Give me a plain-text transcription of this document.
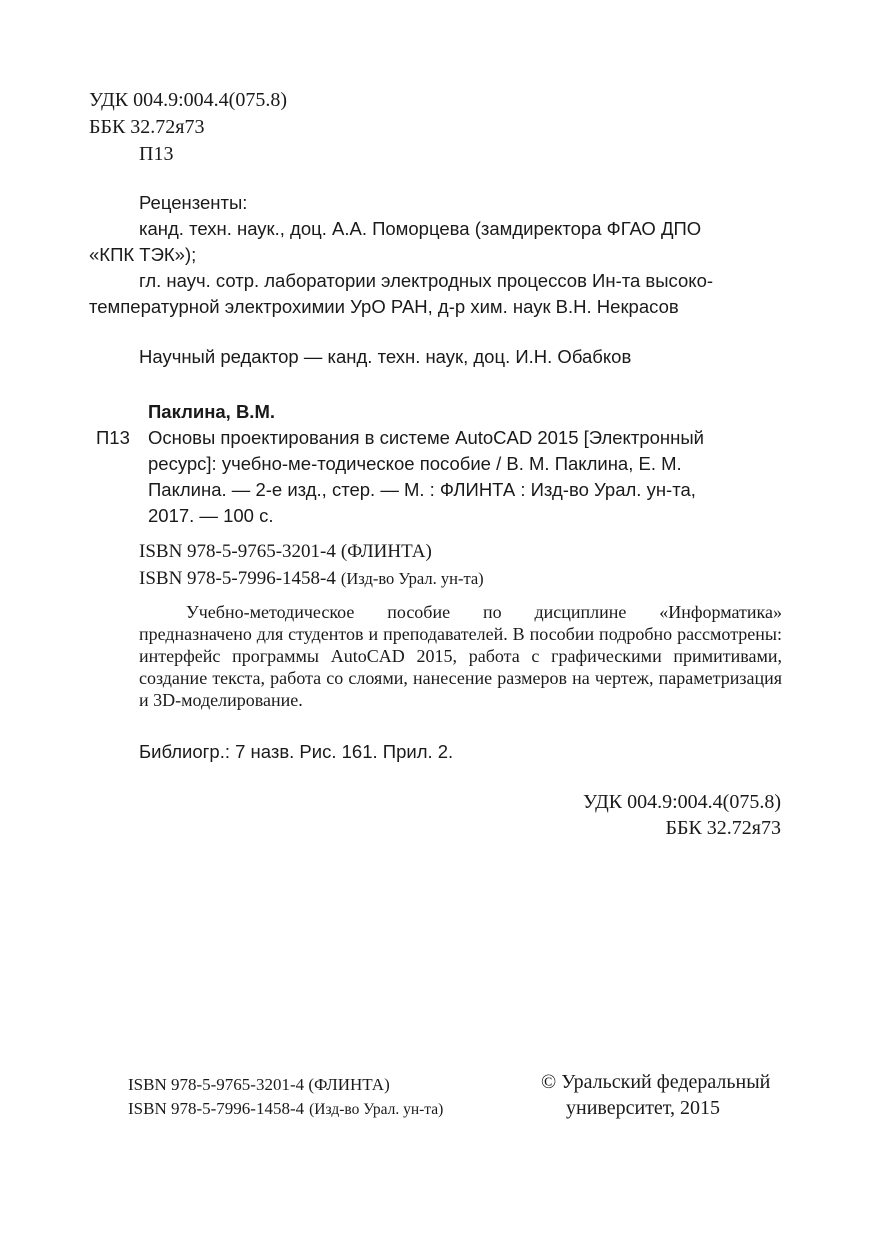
УДК 004.9:004.4(075.8)
ББК 32.72я73
П13
Рецензенты:
канд. техн. наук., доц. А.А. Поморцева (замдиректора ФГАО ДПО
«КПК ТЭК»);
гл. науч. сотр. лаборатории электродных процессов Ин-та высоко-
температурной электрохимии УрО РАН, д-р хим. наук В.Н. Некрасов
Научный редактор — канд. техн. наук, доц. И.Н. Обабков
Паклина, В.М.
П13 Основы проектирования в системе AutoCAD 2015 [Электронный
ресурс]: учебно-ме-тодическое пособие / В. М. Паклина, Е. М.
Паклина. — 2-е изд., стер. — М. : ФЛИНТА : Изд-во Урал. ун-та,
2017. — 100 с.
ISBN 978-5-9765-3201-4 (ФЛИНТА)
ISBN 978-5-7996-1458-4 (Изд-во Урал. ун-та)
Учебно-методическое пособие по дисциплине «Информатика» предназначено для студентов и преподавателей. В пособии подробно рассмотрены: интерфейс программы AutoCAD 2015, работа с графическими примитивами, создание текста, работа со слоями, нанесение размеров на чертеж, параметризация и 3D-моделирование.
Библиогр.: 7 назв. Рис. 161. Прил. 2.
УДК 004.9:004.4(075.8)
ББК 32.72я73
ISBN 978-5-9765-3201-4 (ФЛИНТА)
ISBN 978-5-7996-1458-4 (Изд-во Урал. ун-та)
© Уральский федеральный
университет, 2015
